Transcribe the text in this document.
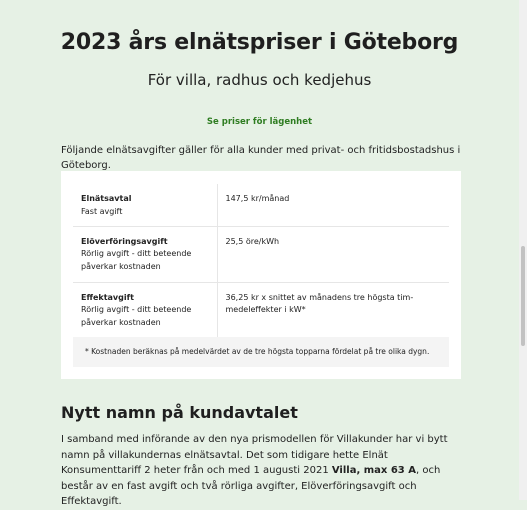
2023 års elnätspriser i Göteborg
För villa, radhus och kedjehus
Se priser för lägenhet
Följande elnätsavgifter gäller för alla kunder med privat- och fritidsbostadshus i Göteborg.

Elnätsavtal
Fast avgift	147,5 kr/månad

Elöverföringsavgift
Rörlig avgift - ditt beteende påverkar kostnaden	25,5 öre/kWh

Effektavgift
Rörlig avgift - ditt beteende påverkar kostnaden	36,25 kr x snittet av månadens tre högsta tim-medeleffekter i kW*
* Kostnaden beräknas på medelvärdet av de tre högsta topparna fördelat på tre olika dygn.
Nytt namn på kundavtalet
I samband med införande av den nya prismodellen för Villakunder har vi bytt namn på villakundernas elnätsavtal. Det som tidigare hette Elnät Konsumenttariff 2 heter från och med 1 augusti 2021 Villa, max 63 A, och består av en fast avgift och två rörliga avgifter, Elöverföringsavgift och Effektavgift.
